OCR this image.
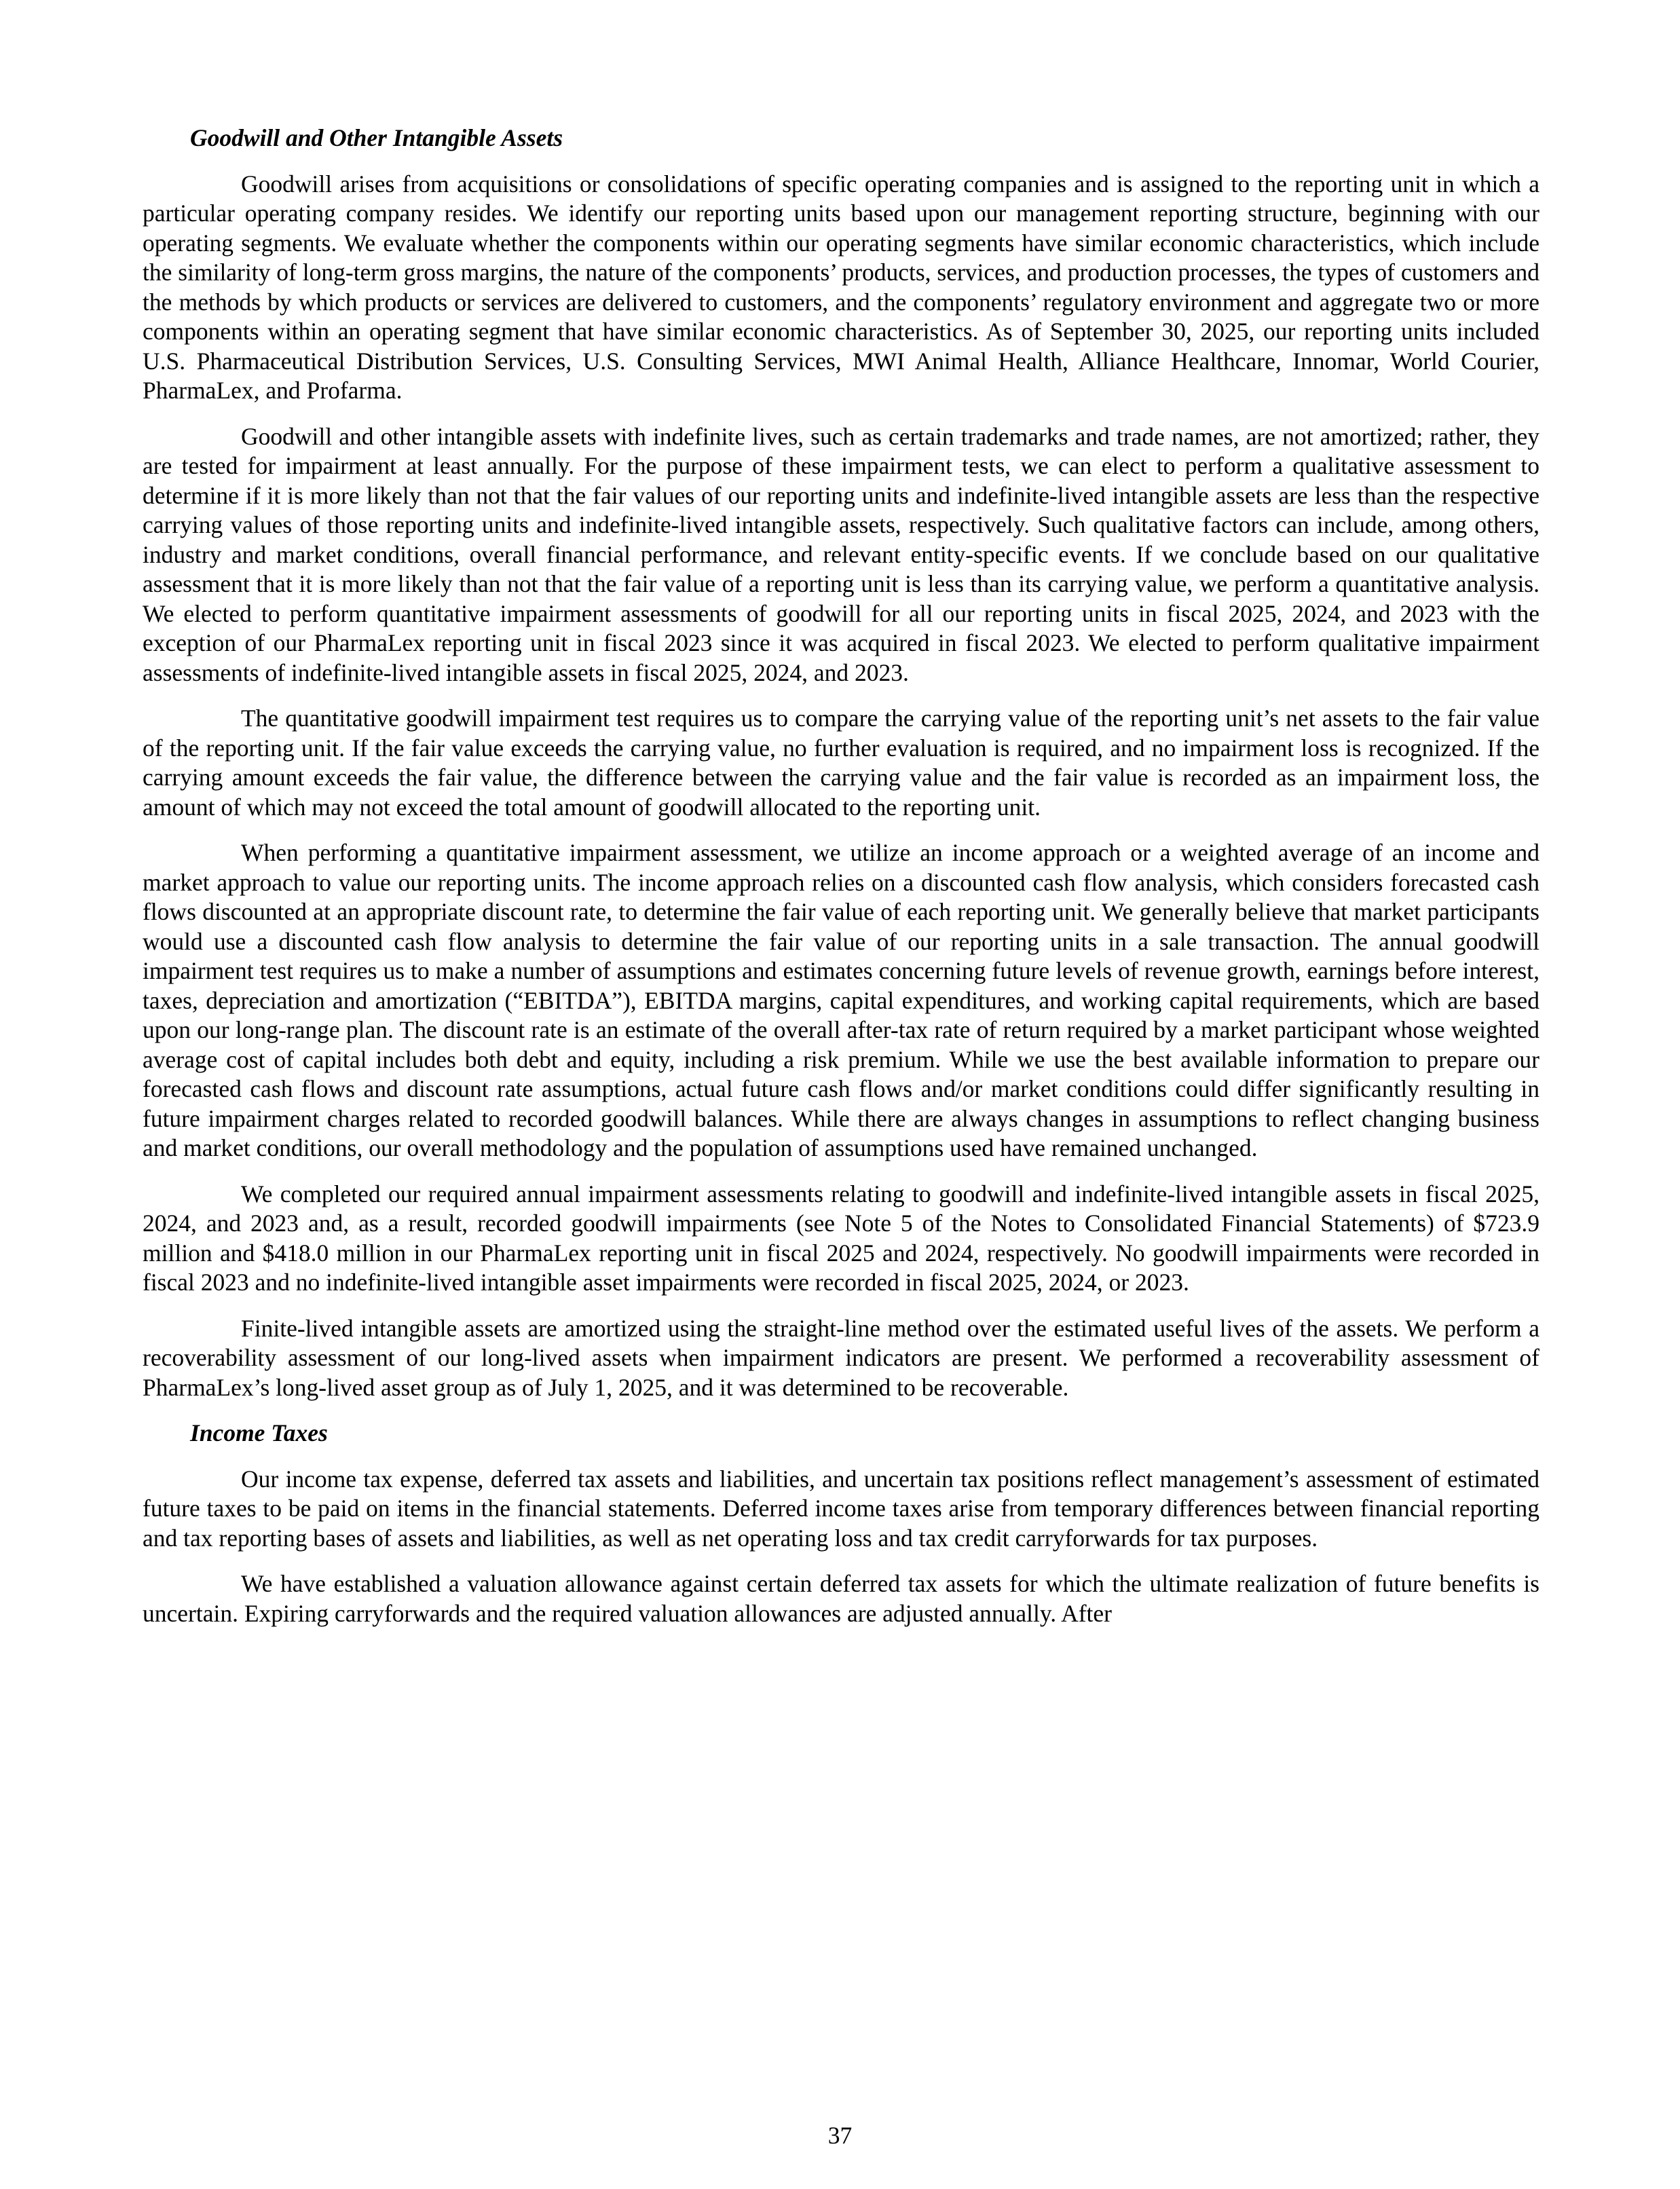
Goodwill and Other Intangible Assets

Goodwill arises from acquisitions or consolidations of specific operating companies and is assigned to the reporting unit in which a particular operating company resides. We identify our reporting units based upon our management reporting structure, beginning with our operating segments. We evaluate whether the components within our operating segments have similar economic characteristics, which include the similarity of long-term gross margins, the nature of the components’ products, services, and production processes, the types of customers and the methods by which products or services are delivered to customers, and the components’ regulatory environment and aggregate two or more components within an operating segment that have similar economic characteristics. As of September 30, 2025, our reporting units included U.S. Pharmaceutical Distribution Services, U.S. Consulting Services, MWI Animal Health, Alliance Healthcare, Innomar, World Courier, PharmaLex, and Profarma.

Goodwill and other intangible assets with indefinite lives, such as certain trademarks and trade names, are not amortized; rather, they are tested for impairment at least annually. For the purpose of these impairment tests, we can elect to perform a qualitative assessment to determine if it is more likely than not that the fair values of our reporting units and indefinite-lived intangible assets are less than the respective carrying values of those reporting units and indefinite-lived intangible assets, respectively. Such qualitative factors can include, among others, industry and market conditions, overall financial performance, and relevant entity-specific events. If we conclude based on our qualitative assessment that it is more likely than not that the fair value of a reporting unit is less than its carrying value, we perform a quantitative analysis. We elected to perform quantitative impairment assessments of goodwill for all our reporting units in fiscal 2025, 2024, and 2023 with the exception of our PharmaLex reporting unit in fiscal 2023 since it was acquired in fiscal 2023. We elected to perform qualitative impairment assessments of indefinite-lived intangible assets in fiscal 2025, 2024, and 2023.

The quantitative goodwill impairment test requires us to compare the carrying value of the reporting unit’s net assets to the fair value of the reporting unit. If the fair value exceeds the carrying value, no further evaluation is required, and no impairment loss is recognized. If the carrying amount exceeds the fair value, the difference between the carrying value and the fair value is recorded as an impairment loss, the amount of which may not exceed the total amount of goodwill allocated to the reporting unit.

When performing a quantitative impairment assessment, we utilize an income approach or a weighted average of an income and market approach to value our reporting units. The income approach relies on a discounted cash flow analysis, which considers forecasted cash flows discounted at an appropriate discount rate, to determine the fair value of each reporting unit. We generally believe that market participants would use a discounted cash flow analysis to determine the fair value of our reporting units in a sale transaction. The annual goodwill impairment test requires us to make a number of assumptions and estimates concerning future levels of revenue growth, earnings before interest, taxes, depreciation and amortization (“EBITDA”), EBITDA margins, capital expenditures, and working capital requirements, which are based upon our long-range plan. The discount rate is an estimate of the overall after-tax rate of return required by a market participant whose weighted average cost of capital includes both debt and equity, including a risk premium. While we use the best available information to prepare our forecasted cash flows and discount rate assumptions, actual future cash flows and/or market conditions could differ significantly resulting in future impairment charges related to recorded goodwill balances. While there are always changes in assumptions to reflect changing business and market conditions, our overall methodology and the population of assumptions used have remained unchanged.

We completed our required annual impairment assessments relating to goodwill and indefinite-lived intangible assets in fiscal 2025, 2024, and 2023 and, as a result, recorded goodwill impairments (see Note 5 of the Notes to Consolidated Financial Statements) of $723.9 million and $418.0 million in our PharmaLex reporting unit in fiscal 2025 and 2024, respectively. No goodwill impairments were recorded in fiscal 2023 and no indefinite-lived intangible asset impairments were recorded in fiscal 2025, 2024, or 2023.

Finite-lived intangible assets are amortized using the straight-line method over the estimated useful lives of the assets. We perform a recoverability assessment of our long-lived assets when impairment indicators are present. We performed a recoverability assessment of PharmaLex’s long-lived asset group as of July 1, 2025, and it was determined to be recoverable.

Income Taxes

Our income tax expense, deferred tax assets and liabilities, and uncertain tax positions reflect management’s assessment of estimated future taxes to be paid on items in the financial statements. Deferred income taxes arise from temporary differences between financial reporting and tax reporting bases of assets and liabilities, as well as net operating loss and tax credit carryforwards for tax purposes.

We have established a valuation allowance against certain deferred tax assets for which the ultimate realization of future benefits is uncertain. Expiring carryforwards and the required valuation allowances are adjusted annually. After

37
